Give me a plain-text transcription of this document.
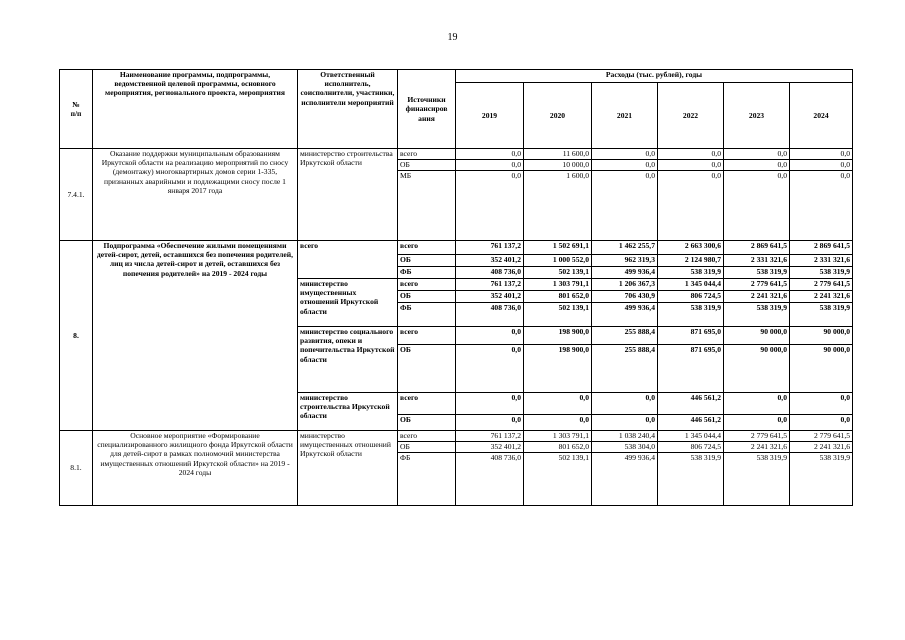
19
№
п/п	Наименование программы, подпрограммы, ведомственной целевой программы, основного мероприятия, регионального проекта, мероприятия	Ответственный исполнитель, соисполнители, участники, исполнители мероприятий	Источники финансиров ания	Расходы (тыс. рублей), годы					
				2019	2020	2021	2022	2023	2024
7.4.1.	Оказание поддержки муниципальным образованиям Иркутской области на реализацию мероприятий по сносу (демонтажу) многоквартирных домов серии 1-335, признанных аварийными и подлежащими сносу после 1 января 2017 года	министерство строительства Иркутской области	всего	0,0	11 600,0	0,0	0,0	0,0	0,0
			ОБ	0,0	10 000,0	0,0	0,0	0,0	0,0
			МБ	0,0	1 600,0	0,0	0,0	0,0	0,0
8.	Подпрограмма «Обеспечение жилыми помещениями детей-сирот, детей, оставшихся без попечения родителей, лиц из числа детей-сирот и детей, оставшихся без попечения родителей» на 2019 - 2024 годы	всего	всего	761 137,2	1 502 691,1	1 462 255,7	2 663 300,6	2 869 641,5	2 869 641,5
			ОБ	352 401,2	1 000 552,0	962 319,3	2 124 980,7	2 331 321,6	2 331 321,6
			ФБ	408 736,0	502 139,1	499 936,4	538 319,9	538 319,9	538 319,9
		министерство имущественных отношений Иркутской области	всего	761 137,2	1 303 791,1	1 206 367,3	1 345 044,4	2 779 641,5	2 779 641,5
			ОБ	352 401,2	801 652,0	706 430,9	806 724,5	2 241 321,6	2 241 321,6
			ФБ	408 736,0	502 139,1	499 936,4	538 319,9	538 319,9	538 319,9
		министерство социального развития, опеки и попечительства Иркутской области	всего	0,0	198 900,0	255 888,4	871 695,0	90 000,0	90 000,0
			ОБ	0,0	198 900,0	255 888,4	871 695,0	90 000,0	90 000,0
		министерство строительства Иркутской области	всего	0,0	0,0	0,0	446 561,2	0,0	0,0
			ОБ	0,0	0,0	0,0	446 561,2	0,0	0,0
8.1.	Основное мероприятие «Формирование специализированного жилищного фонда Иркутской области для детей-сирот в рамках полномочий министерства имущественных отношений Иркутской области» на 2019 - 2024 годы	министерство имущественных отношений Иркутской области	всего	761 137,2	1 303 791,1	1 038 240,4	1 345 044,4	2 779 641,5	2 779 641,5
			ОБ	352 401,2	801 652,0	538 304,0	806 724,5	2 241 321,6	2 241 321,6
			ФБ	408 736,0	502 139,1	499 936,4	538 319,9	538 319,9	538 319,9
